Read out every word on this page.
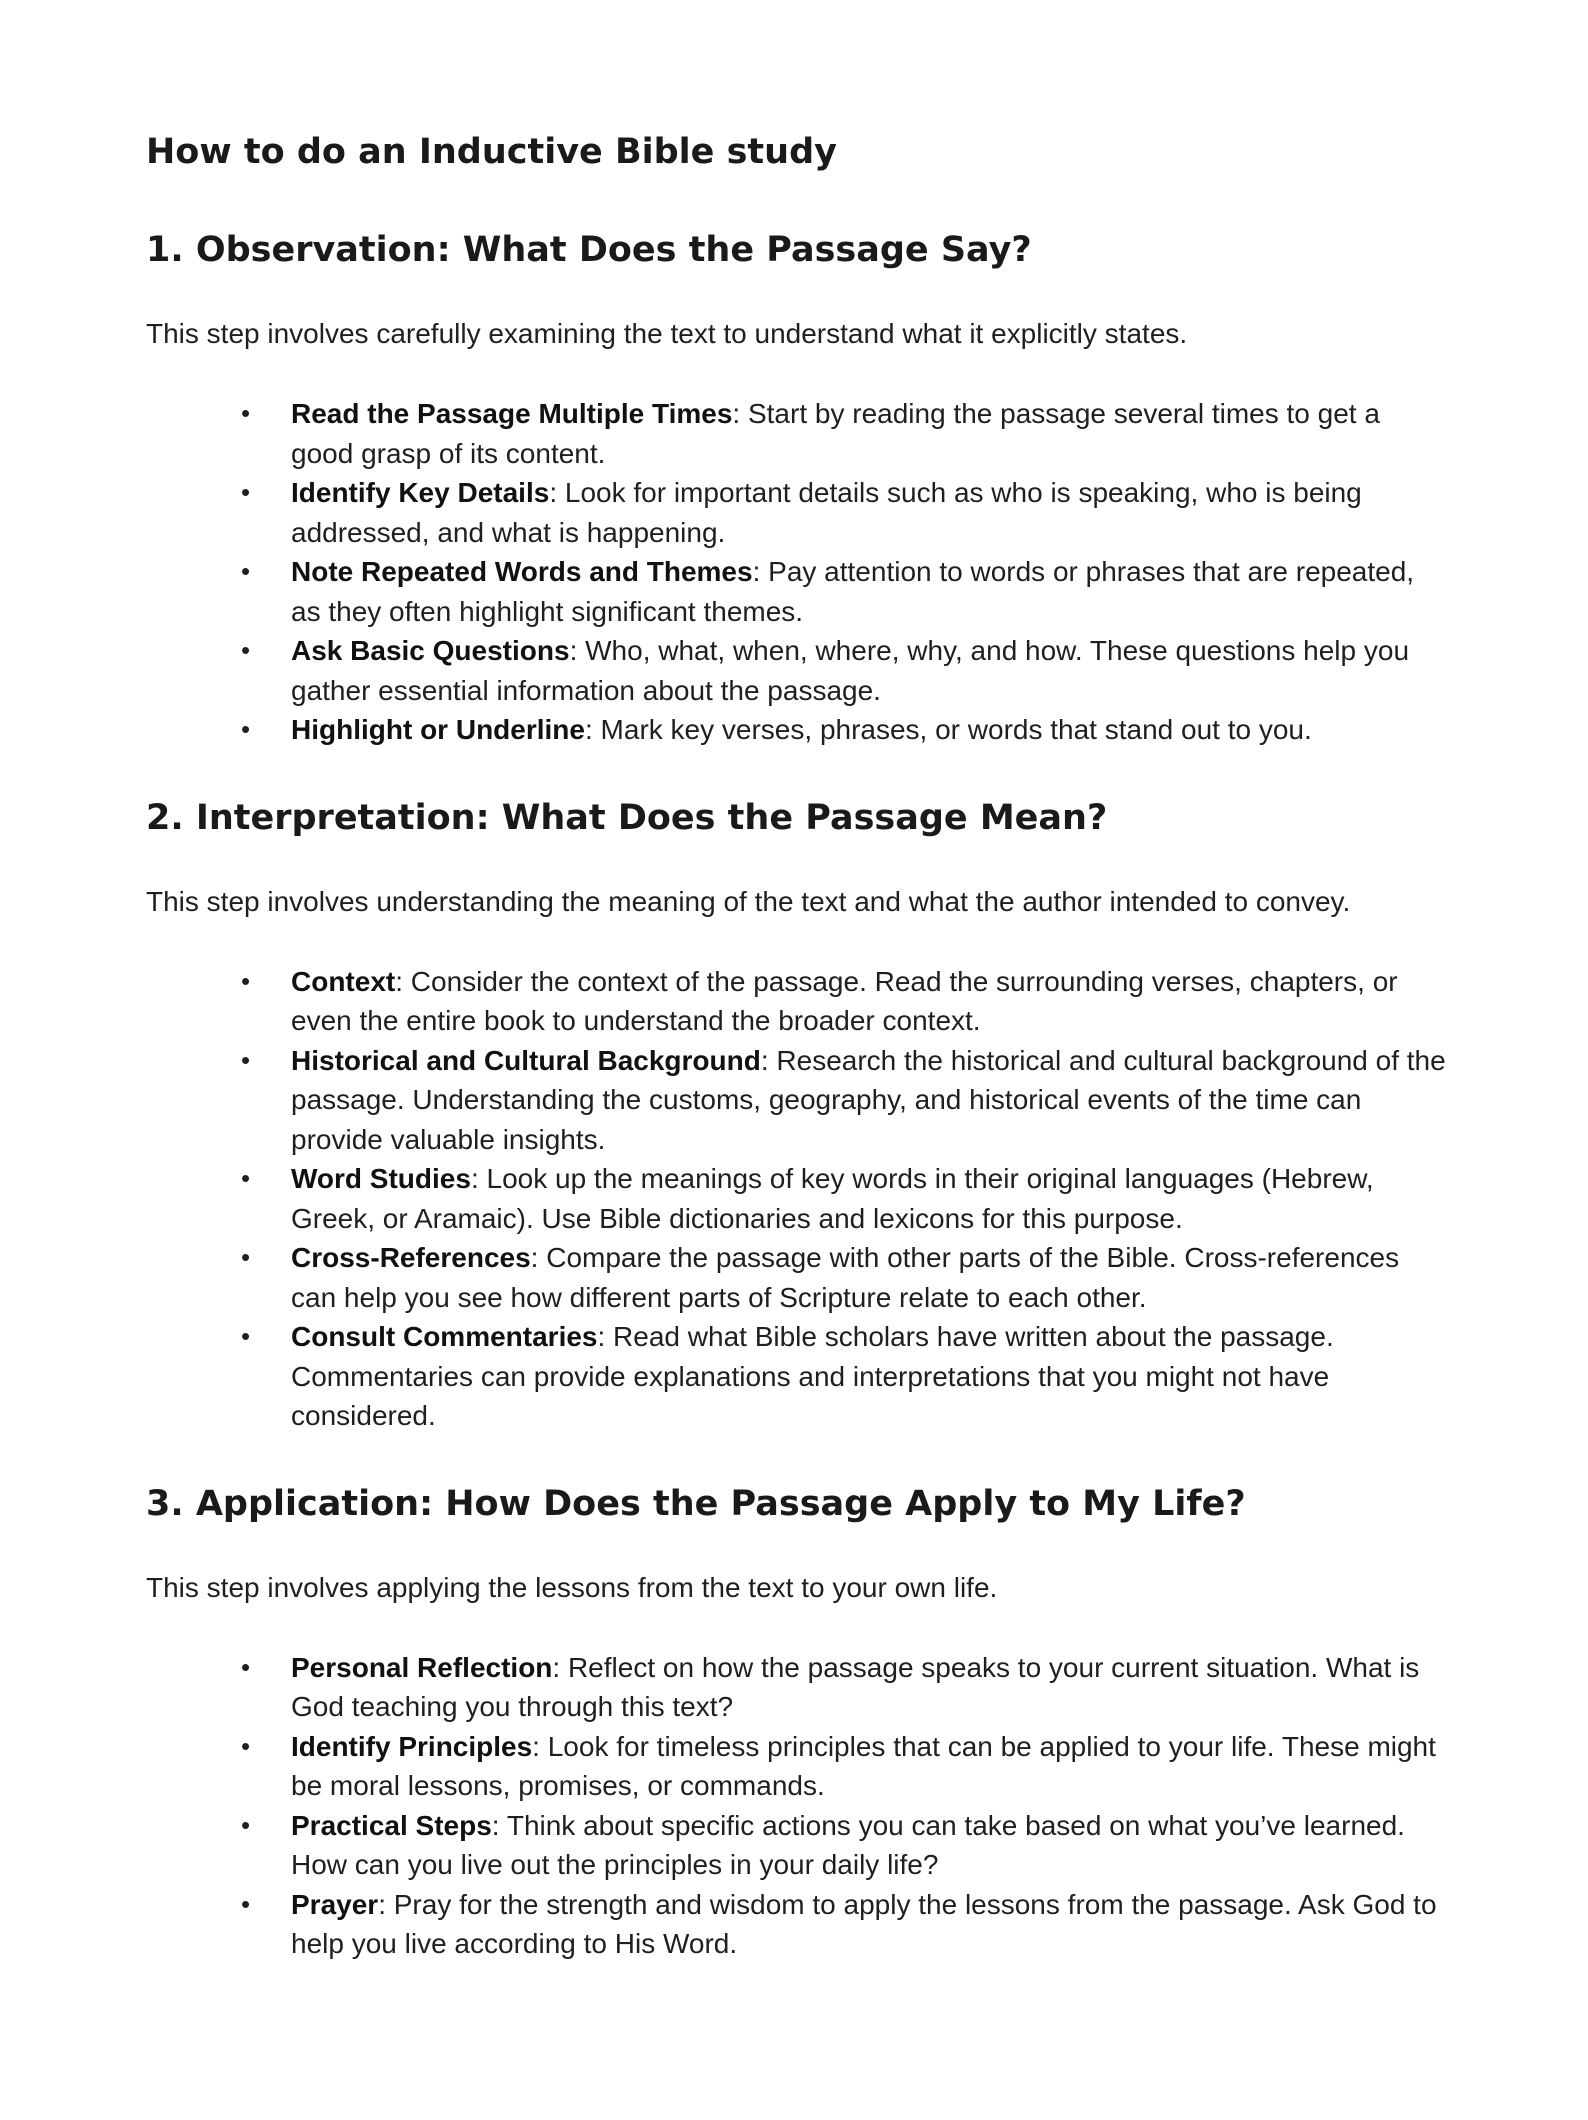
How to do an Inductive Bible study
1. Observation: What Does the Passage Say?

This step involves carefully examining the text to understand what it explicitly states.

• Read the Passage Multiple Times: Start by reading the passage several times to get a good grasp of its content.
• Identify Key Details: Look for important details such as who is speaking, who is being addressed, and what is happening.
• Note Repeated Words and Themes: Pay attention to words or phrases that are repeated, as they often highlight significant themes.
• Ask Basic Questions: Who, what, when, where, why, and how. These questions help you gather essential information about the passage.
• Highlight or Underline: Mark key verses, phrases, or words that stand out to you.
2. Interpretation: What Does the Passage Mean?

This step involves understanding the meaning of the text and what the author intended to convey.

• Context: Consider the context of the passage. Read the surrounding verses, chapters, or even the entire book to understand the broader context.
• Historical and Cultural Background: Research the historical and cultural background of the passage. Understanding the customs, geography, and historical events of the time can provide valuable insights.
• Word Studies: Look up the meanings of key words in their original languages (Hebrew, Greek, or Aramaic). Use Bible dictionaries and lexicons for this purpose.
• Cross-References: Compare the passage with other parts of the Bible. Cross-references can help you see how different parts of Scripture relate to each other.
• Consult Commentaries: Read what Bible scholars have written about the passage. Commentaries can provide explanations and interpretations that you might not have considered.
3. Application: How Does the Passage Apply to My Life?

This step involves applying the lessons from the text to your own life.

• Personal Reflection: Reflect on how the passage speaks to your current situation. What is God teaching you through this text?
• Identify Principles: Look for timeless principles that can be applied to your life. These might be moral lessons, promises, or commands.
• Practical Steps: Think about specific actions you can take based on what you’ve learned. How can you live out the principles in your daily life?
• Prayer: Pray for the strength and wisdom to apply the lessons from the passage. Ask God to help you live according to His Word.
